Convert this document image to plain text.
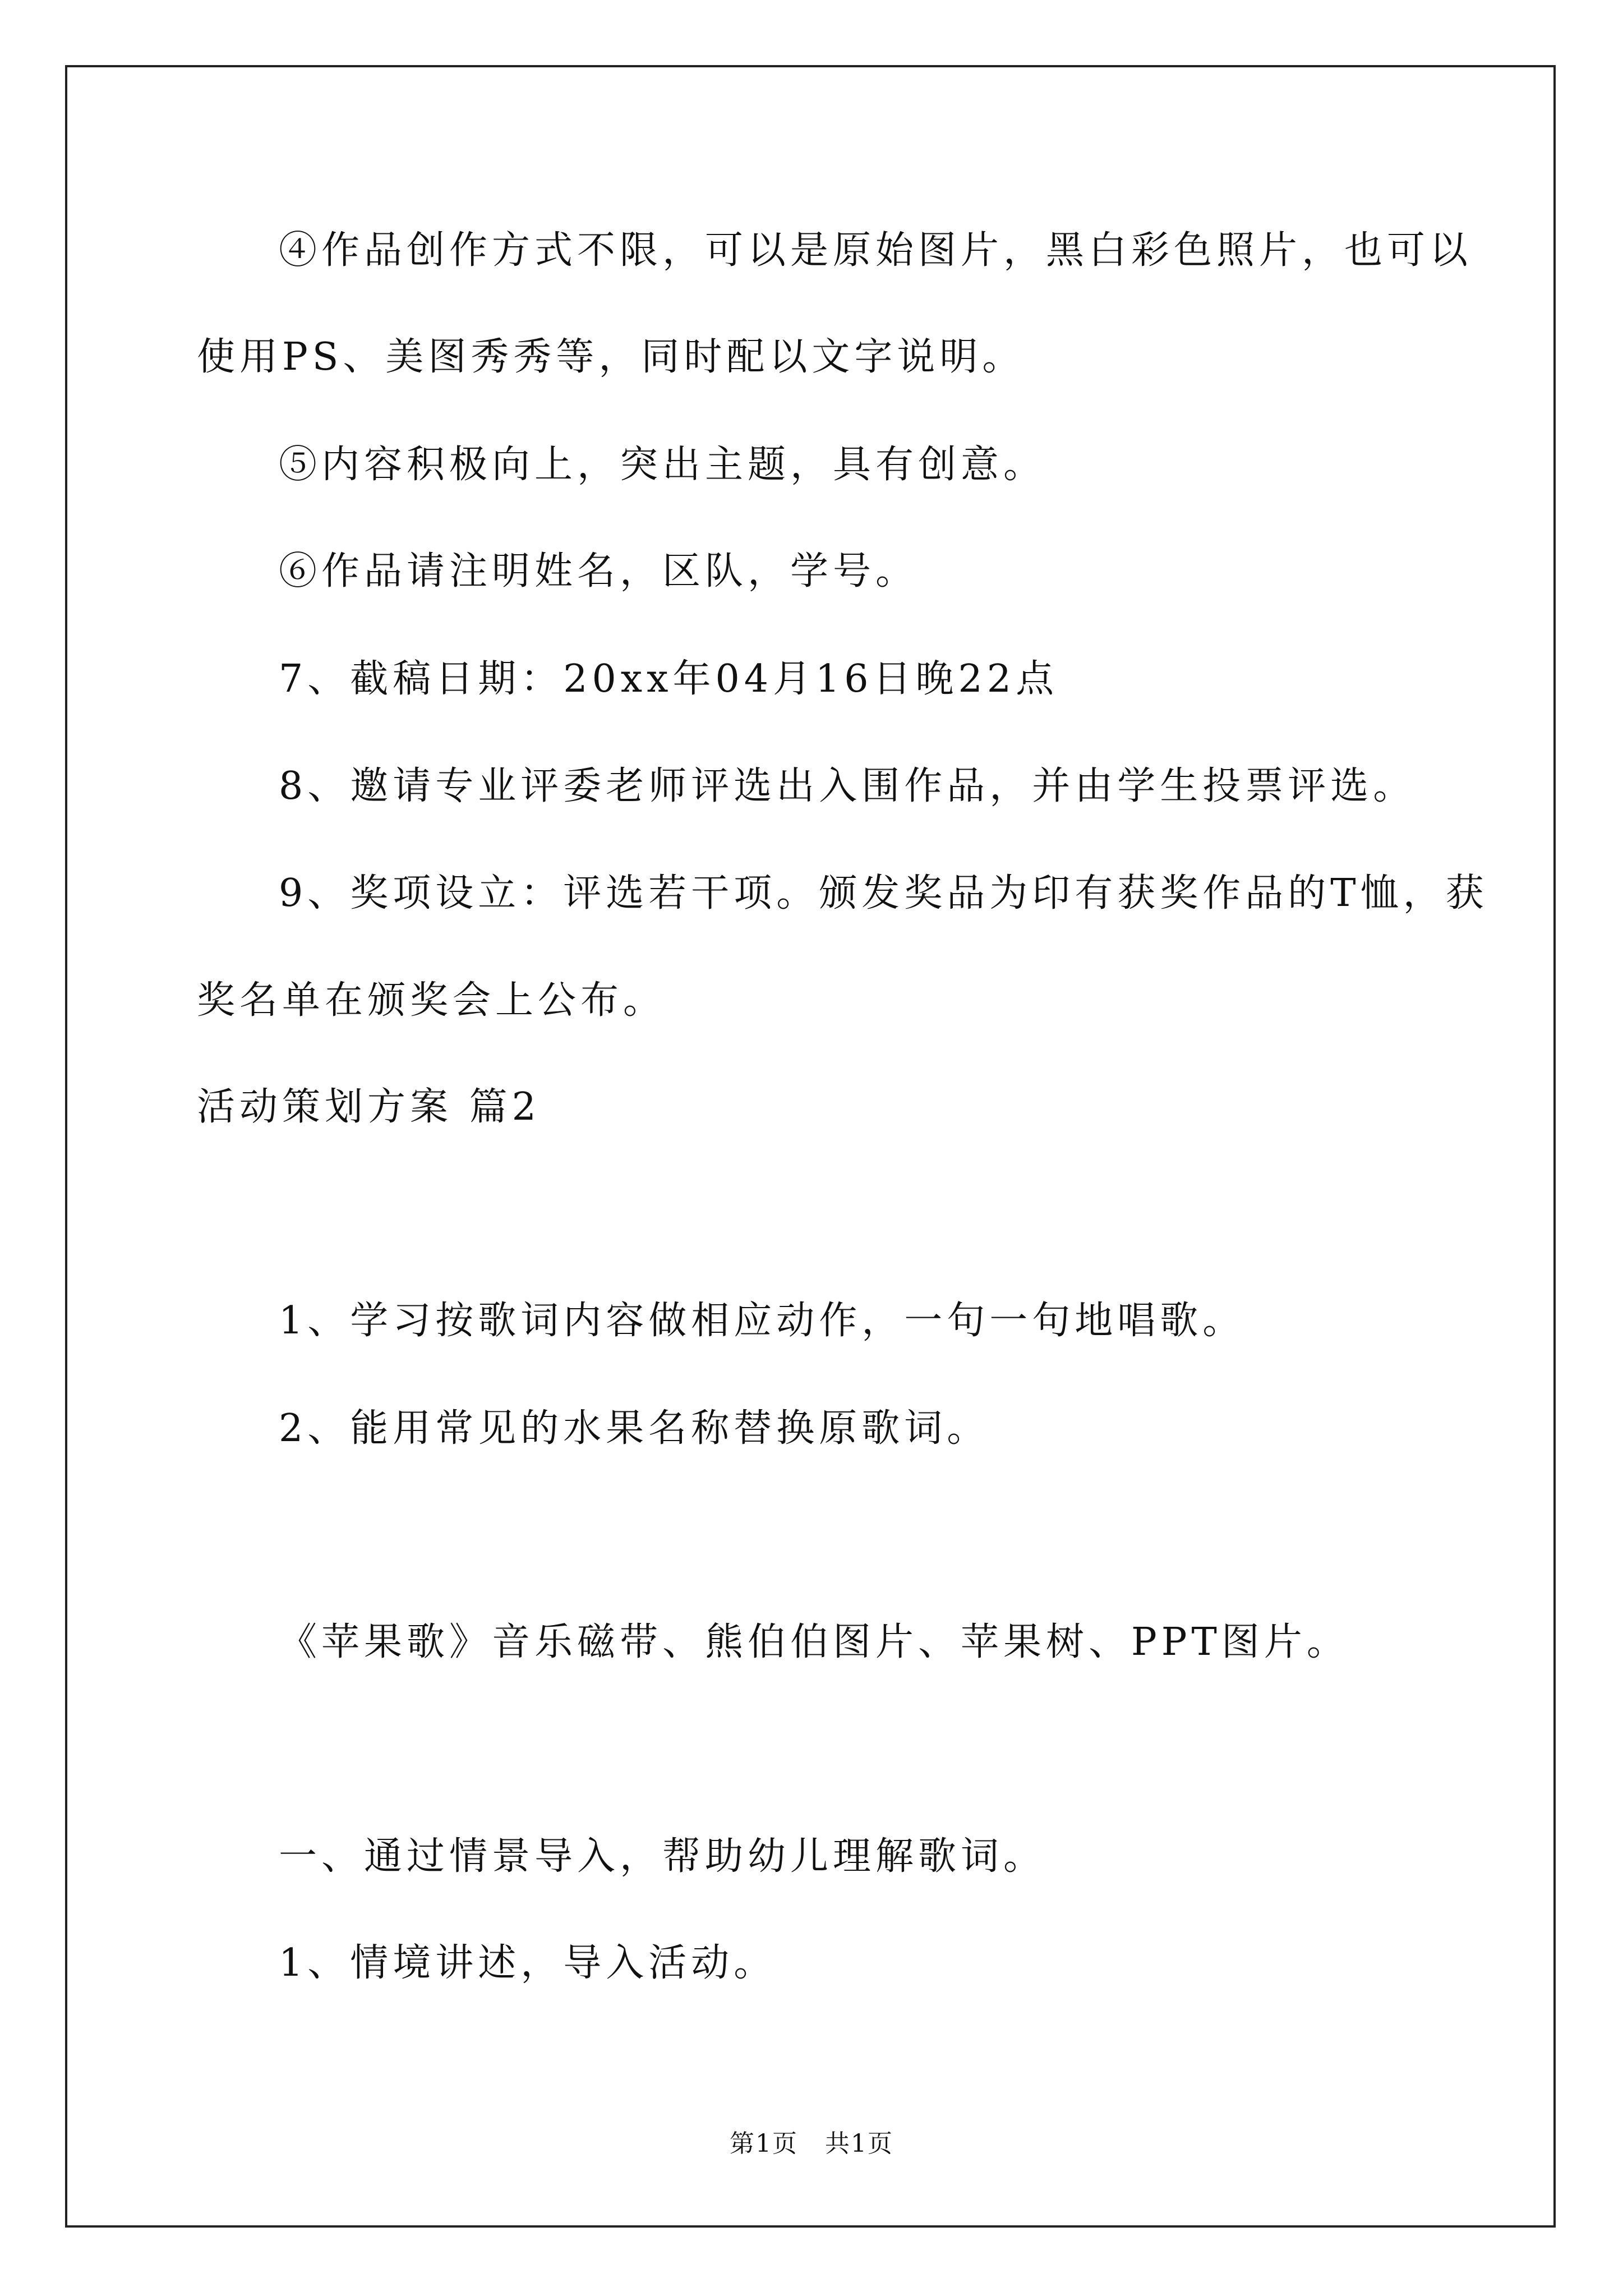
④作品创作方式不限，可以是原始图片，黑白彩色照片，也可以
使用PS、美图秀秀等，同时配以文字说明。
⑤内容积极向上，突出主题，具有创意。
⑥作品请注明姓名，区队，学号。
7、截稿日期：20xx年04月16日晚22点
8、邀请专业评委老师评选出入围作品，并由学生投票评选。
9、奖项设立：评选若干项。颁发奖品为印有获奖作品的T恤，获
奖名单在颁奖会上公布。
活动策划方案 篇2
1、学习按歌词内容做相应动作，一句一句地唱歌。
2、能用常见的水果名称替换原歌词。
《苹果歌》音乐磁带、熊伯伯图片、苹果树、PPT图片。
一、通过情景导入，帮助幼儿理解歌词。
1、情境讲述，导入活动。
第1页   共1页
